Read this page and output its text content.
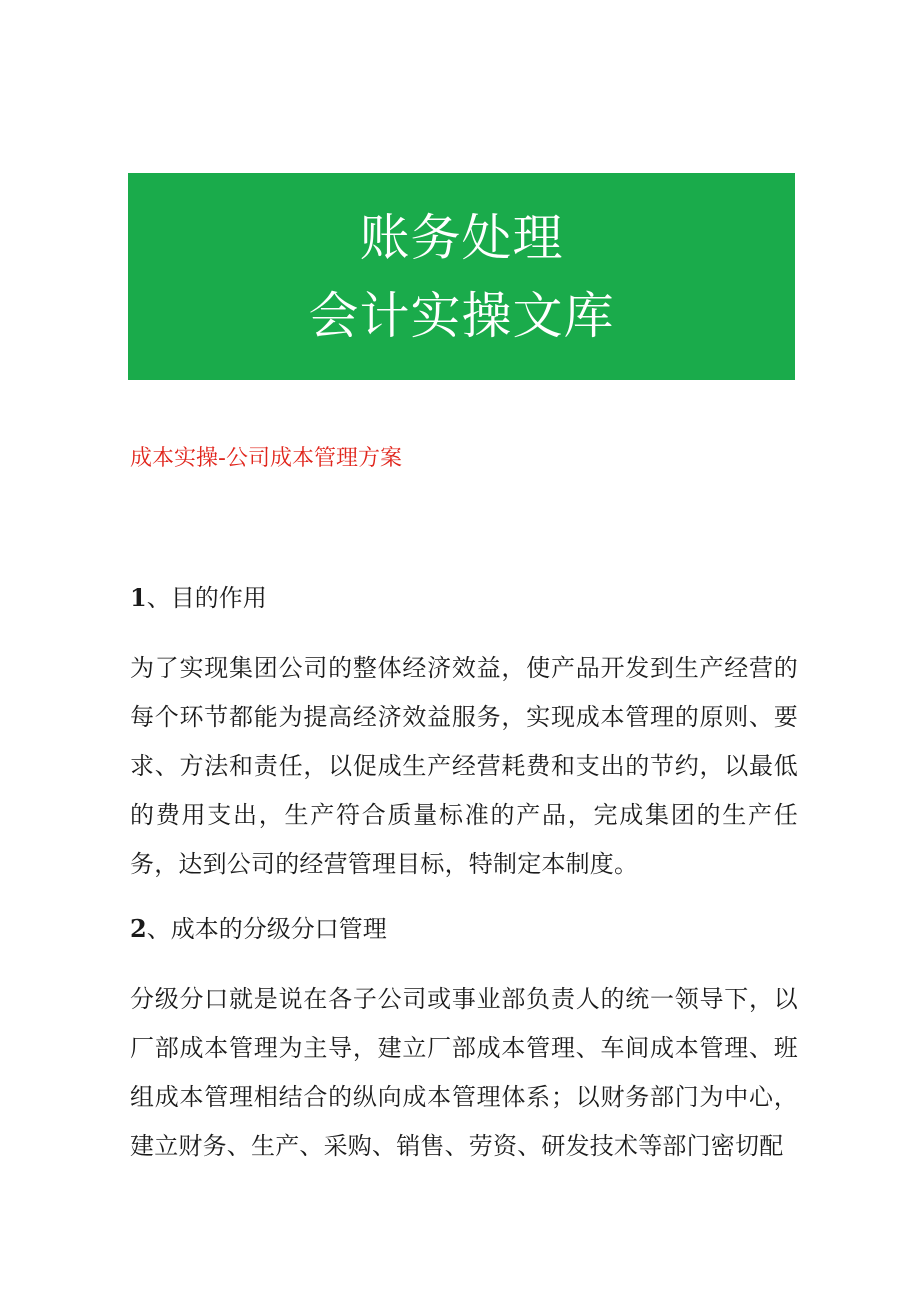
账务处理
会计实操文库
成本实操-公司成本管理方案
1、目的作用

为了实现集团公司的整体经济效益，使产品开发到生产经营的每个环节都能为提高经济效益服务，实现成本管理的原则、要求、方法和责任，以促成生产经营耗费和支出的节约，以最低的费用支出，生产符合质量标准的产品，完成集团的生产任务，达到公司的经营管理目标，特制定本制度。

2、成本的分级分口管理

分级分口就是说在各子公司或事业部负责人的统一领导下，以厂部成本管理为主导，建立厂部成本管理、车间成本管理、班组成本管理相结合的纵向成本管理体系；以财务部门为中心，建立财务、生产、采购、销售、劳资、研发技术等部门密切配
